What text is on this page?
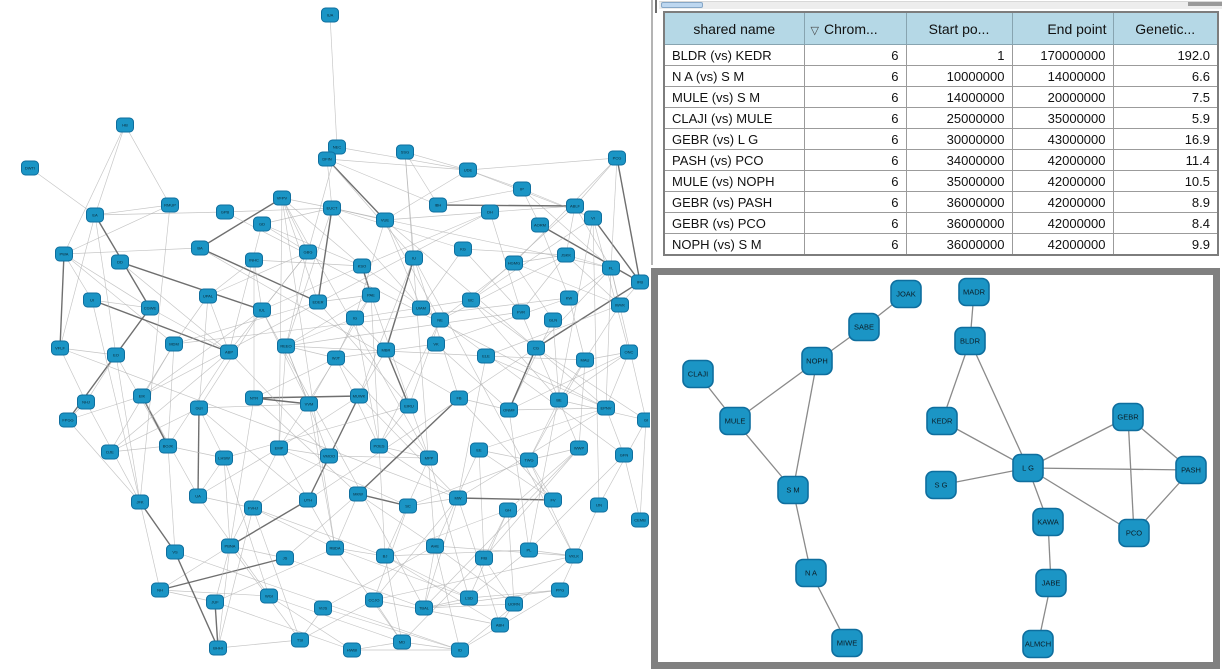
IUA
NEC
DFIN
HB
DWTI
SSG
UDE
IP
ABLF
PCG
RMUP
GPB
VFPV
EUCT
VUE
IBH
DH
AORM
VI
EA
GD
PWA
DD
BA
INHC
GBG
KSO
IU
KG
HGMG
JSKK
FL
IFB
UI
CGWE
UPAL
IUL
EDER
PAE
UIAM
BC
FVR
KW
IWVK
GLN
IG	NE
VFLF
EO
MDM
ABP
REEO
WJT
MBR
VK
ELE
CG
MAU
ONC
NHJ
EIK
GUI
NTR
VVM
MUWK
EIRU
FB
ONMF
BE
EPNV
GI
FPGG
DJE
BOJK
LHSW
EMP
VMOO
POES
MPP
EE
TWG
WWP
GFN
JFK
UA
FVHJ
UTH
MKW
SC
MW
GH
FV
IJN
CEMB
VS
PBNA
JS
RBDA
BJ
AHE
FIB
PL
VKLK
PPG
NH
JUF
WGI
VIJS
CCJO
TBAL
LSD
UORN
ABH
BHHI
TSI
HWBI
MD
ID
shared name	▽ Chrom...	Start po...	End point	Genetic...
BLDR (vs) KEDR	6	1	170000000	192.0
N A (vs) S M	6	10000000	14000000	6.6
MULE (vs) S M	6	14000000	20000000	7.5
CLAJI (vs) MULE	6	25000000	35000000	5.9
GEBR (vs) L G	6	30000000	43000000	16.9
PASH (vs) PCO	6	34000000	42000000	11.4
MULE (vs) NOPH	6	35000000	42000000	10.5
GEBR (vs) PASH	6	36000000	42000000	8.9
GEBR (vs) PCO	6	36000000	42000000	8.4
NOPH (vs) S M	6	36000000	42000000	9.9
JOAK
SABE
NOPH
CLAJI
MULE
S M
N A
MIWE
MADR
BLDR
KEDR
S G
L G
GEBR
PASH
PCO
KAWA
JABE
ALMCH
